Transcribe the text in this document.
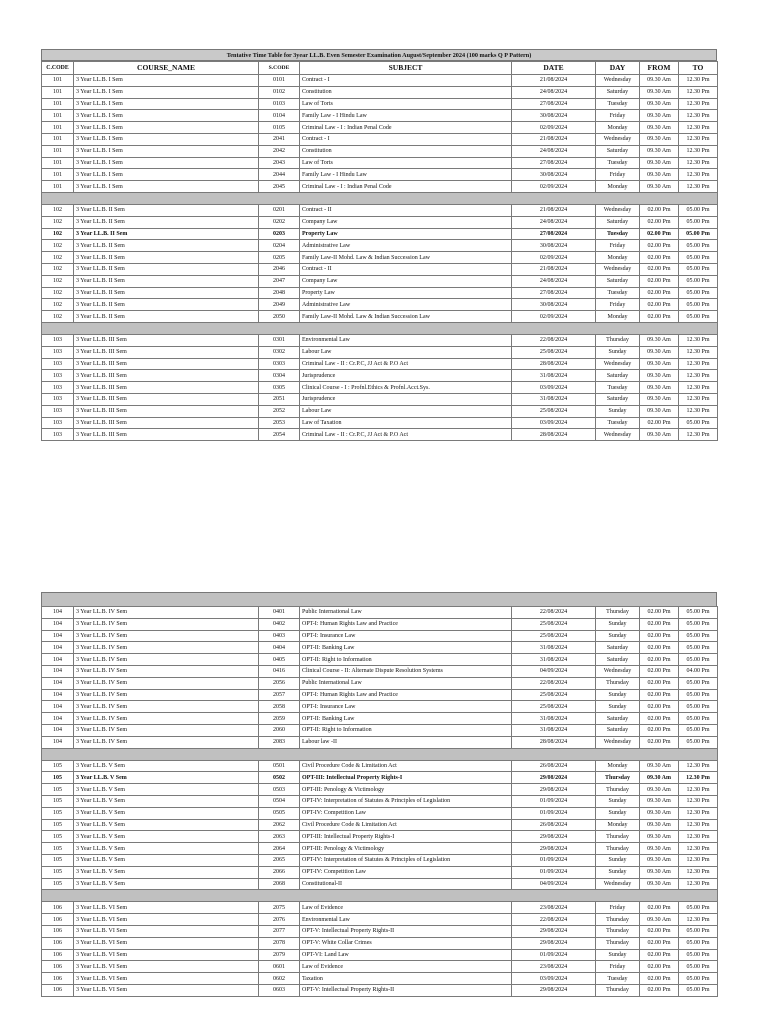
Tentative Time Table for 3year LL.B. Even Semester Examination August/September 2024 (100 marks Q P Pattern)
C.CODE	COURSE_NAME	S.CODE	SUBJECT	DATE	DAY	FROM	TO
101	3 Year LL.B. I Sem	0101	Contract - I	21/08/2024	Wednesday	09.30 Am	12.30 Pm
101	3 Year LL.B. I Sem	0102	Constitution	24/08/2024	Saturday	09.30 Am	12.30 Pm
101	3 Year LL.B. I Sem	0103	Law of Torts	27/08/2024	Tuesday	09.30 Am	12.30 Pm
101	3 Year LL.B. I Sem	0104	Family Law - I Hindu Law	30/08/2024	Friday	09.30 Am	12.30 Pm
101	3 Year LL.B. I Sem	0105	Criminal Law - I : Indian Penal Code	02/09/2024	Monday	09.30 Am	12.30 Pm
101	3 Year LL.B. I Sem	2041	Contract - I	21/08/2024	Wednesday	09.30 Am	12.30 Pm
101	3 Year LL.B. I Sem	2042	Constitution	24/08/2024	Saturday	09.30 Am	12.30 Pm
101	3 Year LL.B. I Sem	2043	Law of Torts	27/08/2024	Tuesday	09.30 Am	12.30 Pm
101	3 Year LL.B. I Sem	2044	Family Law - I Hindu Law	30/08/2024	Friday	09.30 Am	12.30 Pm
101	3 Year LL.B. I Sem	2045	Criminal Law - I : Indian Penal Code	02/09/2024	Monday	09.30 Am	12.30 Pm

102	3 Year LL.B. II Sem	0201	Contract - II	21/08/2024	Wednesday	02.00 Pm	05.00 Pm
102	3 Year LL.B. II Sem	0202	Company Law	24/08/2024	Saturday	02.00 Pm	05.00 Pm
102	3 Year LL.B. II Sem	0203	Property Law	27/08/2024	Tuesday	02.00 Pm	05.00 Pm
102	3 Year LL.B. II Sem	0204	Administrative Law	30/08/2024	Friday	02.00 Pm	05.00 Pm
102	3 Year LL.B. II Sem	0205	Family Law-II Mohd. Law & Indian Succession Law	02/09/2024	Monday	02.00 Pm	05.00 Pm
102	3 Year LL.B. II Sem	2046	Contract - II	21/08/2024	Wednesday	02.00 Pm	05.00 Pm
102	3 Year LL.B. II Sem	2047	Company Law	24/08/2024	Saturday	02.00 Pm	05.00 Pm
102	3 Year LL.B. II Sem	2048	Property Law	27/08/2024	Tuesday	02.00 Pm	05.00 Pm
102	3 Year LL.B. II Sem	2049	Administrative Law	30/08/2024	Friday	02.00 Pm	05.00 Pm
102	3 Year LL.B. II Sem	2050	Family Law-II Mohd. Law & Indian Succession Law	02/09/2024	Monday	02.00 Pm	05.00 Pm

103	3 Year LL.B. III Sem	0301	Environmental Law	22/08/2024	Thursday	09.30 Am	12.30 Pm
103	3 Year LL.B. III Sem	0302	Labour Law	25/08/2024	Sunday	09.30 Am	12.30 Pm
103	3 Year LL.B. III Sem	0303	Criminal Law - II : Cr.P.C, JJ Act & P.O Act	28/08/2024	Wednesday	09.30 Am	12.30 Pm
103	3 Year LL.B. III Sem	0304	Jurisprudence	31/08/2024	Saturday	09.30 Am	12.30 Pm
103	3 Year LL.B. III Sem	0305	Clinical Course - I : Profnl.Ethics & Profnl.Acct.Sys.	03/09/2024	Tuesday	09.30 Am	12.30 Pm
103	3 Year LL.B. III Sem	2051	Jurisprudence	31/08/2024	Saturday	09.30 Am	12.30 Pm
103	3 Year LL.B. III Sem	2052	Labour Law	25/08/2024	Sunday	09.30 Am	12.30 Pm
103	3 Year LL.B. III Sem	2053	Law of Taxation	03/09/2024	Tuesday	02.00 Pm	05.00 Pm
103	3 Year LL.B. III Sem	2054	Criminal Law - II : Cr.P.C, JJ Act & P.O Act	28/08/2024	Wednesday	09.30 Am	12.30 Pm
104	3 Year LL.B. IV Sem	0401	Public International Law	22/08/2024	Thursday	02.00 Pm	05.00 Pm
104	3 Year LL.B. IV Sem	0402	OPT-I: Human Rights Law and Practice	25/08/2024	Sunday	02.00 Pm	05.00 Pm
104	3 Year LL.B. IV Sem	0403	OPT-I: Insurance Law	25/08/2024	Sunday	02.00 Pm	05.00 Pm
104	3 Year LL.B. IV Sem	0404	OPT-II: Banking Law	31/08/2024	Saturday	02.00 Pm	05.00 Pm
104	3 Year LL.B. IV Sem	0405	OPT-II: Right to Information	31/08/2024	Saturday	02.00 Pm	05.00 Pm
104	3 Year LL.B. IV Sem	0416	Clinical Course - II: Alternate Dispute Resolution Systems	04/09/2024	Wednesday	02.00 Pm	04.00 Pm
104	3 Year LL.B. IV Sem	2056	Public International Law	22/08/2024	Thursday	02.00 Pm	05.00 Pm
104	3 Year LL.B. IV Sem	2057	OPT-I: Human Rights Law and Practice	25/08/2024	Sunday	02.00 Pm	05.00 Pm
104	3 Year LL.B. IV Sem	2058	OPT-I: Insurance Law	25/08/2024	Sunday	02.00 Pm	05.00 Pm
104	3 Year LL.B. IV Sem	2059	OPT-II: Banking Law	31/08/2024	Saturday	02.00 Pm	05.00 Pm
104	3 Year LL.B. IV Sem	2060	OPT-II: Right to Information	31/08/2024	Saturday	02.00 Pm	05.00 Pm
104	3 Year LL.B. IV Sem	2083	Labour law -II	28/08/2024	Wednesday	02.00 Pm	05.00 Pm

105	3 Year LL.B. V Sem	0501	Civil Procedure Code & Limitation Act	26/08/2024	Monday	09.30 Am	12.30 Pm
105	3 Year LL.B. V Sem	0502	OPT-III: Intellectual Property Rights-I	29/08/2024	Thursday	09.30 Am	12.30 Pm
105	3 Year LL.B. V Sem	0503	OPT-III: Penology & Victimology	29/08/2024	Thursday	09.30 Am	12.30 Pm
105	3 Year LL.B. V Sem	0504	OPT-IV: Interpretation of Statutes & Principles of Legislation	01/09/2024	Sunday	09.30 Am	12.30 Pm
105	3 Year LL.B. V Sem	0505	OPT-IV: Competition Law	01/09/2024	Sunday	09.30 Am	12.30 Pm
105	3 Year LL.B. V Sem	2062	Civil Procedure Code & Limitation Act	26/08/2024	Monday	09.30 Am	12.30 Pm
105	3 Year LL.B. V Sem	2063	OPT-III: Intellectual Property Rights-I	29/08/2024	Thursday	09.30 Am	12.30 Pm
105	3 Year LL.B. V Sem	2064	OPT-III: Penology & Victimology	29/08/2024	Thursday	09.30 Am	12.30 Pm
105	3 Year LL.B. V Sem	2065	OPT-IV: Interpretation of Statutes & Principles of Legislation	01/09/2024	Sunday	09.30 Am	12.30 Pm
105	3 Year LL.B. V Sem	2066	OPT-IV: Competition Law	01/09/2024	Sunday	09.30 Am	12.30 Pm
105	3 Year LL.B. V Sem	2068	Constitutional-II	04/09/2024	Wednesday	09.30 Am	12.30 Pm

106	3 Year LL.B. VI Sem	2075	Law of Evidence	23/08/2024	Friday	02.00 Pm	05.00 Pm
106	3 Year LL.B. VI Sem	2076	Environmental Law	22/08/2024	Thursday	09.30 Am	12.30 Pm
106	3 Year LL.B. VI Sem	2077	OPT-V: Intellectual Property Rights-II	29/08/2024	Thursday	02.00 Pm	05.00 Pm
106	3 Year LL.B. VI Sem	2078	OPT-V: White Collar Crimes	29/08/2024	Thursday	02.00 Pm	05.00 Pm
106	3 Year LL.B. VI Sem	2079	OPT-VI: Land Law	01/09/2024	Sunday	02.00 Pm	05.00 Pm
106	3 Year LL.B. VI Sem	0601	Law of Evidence	23/08/2024	Friday	02.00 Pm	05.00 Pm
106	3 Year LL.B. VI Sem	0602	Taxation	03/09/2024	Tuesday	02.00 Pm	05.00 Pm
106	3 Year LL.B. VI Sem	0603	OPT-V: Intellectual Property Rights-II	29/08/2024	Thursday	02.00 Pm	05.00 Pm
